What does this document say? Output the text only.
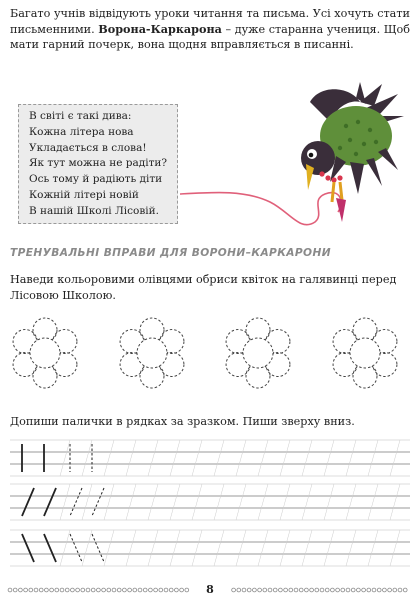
Багато учнів відвідують уроки читання та письма. Усі хочуть стати письменними. Ворона-Каркарона – дуже старанна учениця. Щоб мати гарний почерк, вона щодня вправляється в писанні.

В світі є такі дива:
Кожна літера нова
Укладається в слова!
Як тут можна не радіти?
Ось тому й радіють діти
Кожній літері новій
В нашій Школі Лісовій.

ТРЕНУВАЛЬНІ ВПРАВИ ДЛЯ ВОРОНИ–КАРКАРОНИ

Наведи кольоровими олівцями обриси квіток на галявинці перед Лісовою Школою.

Допиши палички в рядках за зразком. Пиши зверху вниз.

8
